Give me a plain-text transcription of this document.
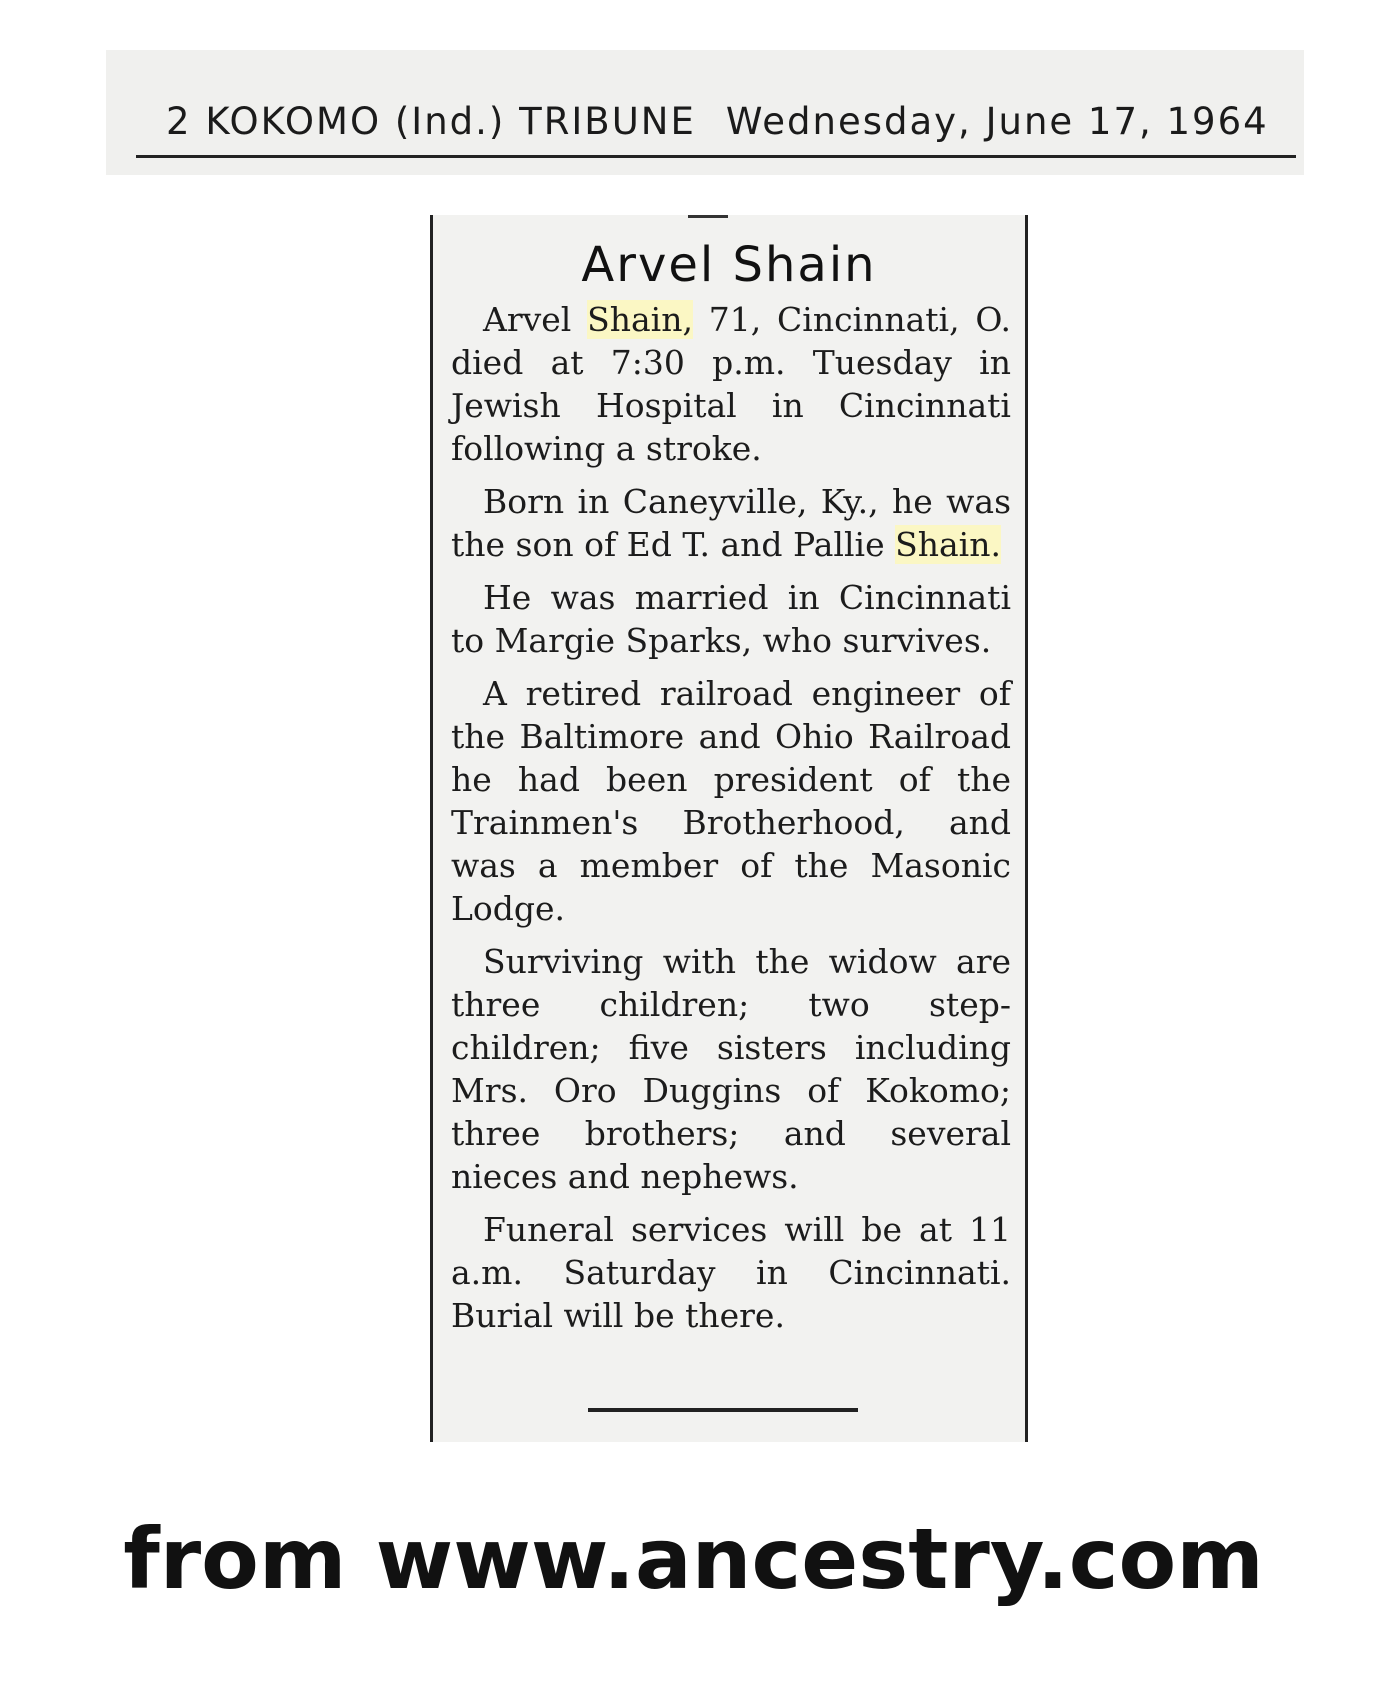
2 KOKOMO (Ind.) TRIBUNE Wednesday, June 17, 1964
Arvel Shain

Arvel Shain, 71, Cincinnati, O. died at 7:30 p.m. Tuesday in Jewish Hospital in Cincinnati following a stroke.

Born in Caneyville, Ky., he was the son of Ed T. and Pallie Shain.

He was married in Cincinnati to Margie Sparks, who survives.

A retired railroad engineer of the Baltimore and Ohio Railroad he had been president of the Trainmen's Brotherhood, and was a member of the Masonic Lodge.

Surviving with the widow are three children; two step-children; five sisters including Mrs. Oro Duggins of Kokomo; three brothers; and several nieces and nephews.

Funeral services will be at 11 a.m. Saturday in Cincinnati. Burial will be there.

from www.ancestry.com
